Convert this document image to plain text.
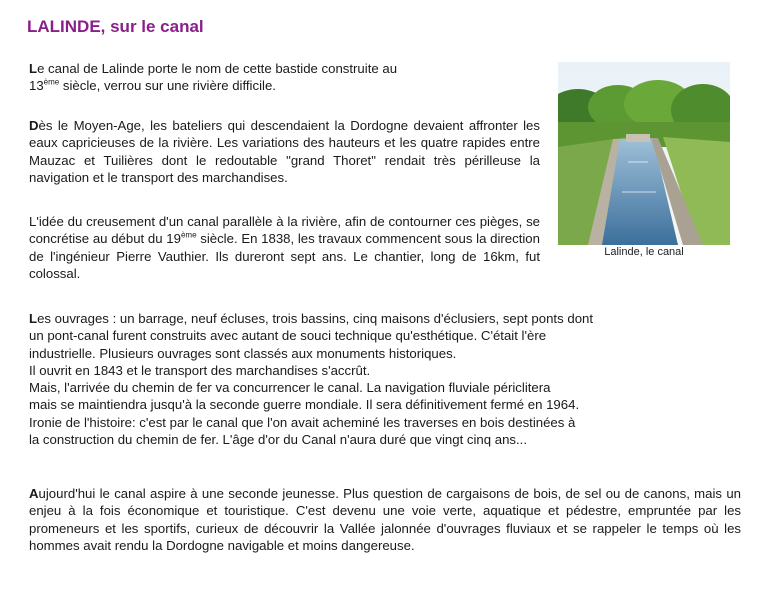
LALINDE, sur le canal

Le canal de Lalinde porte le nom de cette bastide construite au
13ème siècle, verrou sur une rivière difficile.

Dès le Moyen-Age, les bateliers qui descendaient la Dordogne devaient affronter les eaux capricieuses de la rivière. Les variations des hauteurs et les quatre rapides entre Mauzac et Tuilières dont le redoutable "grand Thoret" rendait très périlleuse la navigation et le transport des marchandises.

L'idée du creusement d'un canal parallèle à la rivière, afin de contourner ces pièges, se concrétise au début du 19ème siècle. En 1838, les travaux commencent sous la direction de l'ingénieur Pierre Vauthier. Ils dureront sept ans. Le chantier, long de 16km, fut colossal.

Les ouvrages : un barrage, neuf écluses, trois bassins, cinq maisons d'éclusiers, sept ponts dont
un pont-canal furent construits avec autant de souci technique qu'esthétique. C'était l'ère
industrielle. Plusieurs ouvrages sont classés aux monuments historiques.
Il ouvrit en 1843 et le transport des marchandises s'accrût.
Mais, l'arrivée du chemin de fer va concurrencer le canal. La navigation fluviale périclitera
mais se maintiendra jusqu'à la seconde guerre mondiale. Il sera définitivement fermé en 1964.
Ironie de l'histoire: c'est par le canal que l'on avait acheminé les traverses en bois destinées à
la construction du chemin de fer. L'âge d'or du Canal n'aura duré que vingt cinq ans...

Aujourd'hui le canal aspire à une seconde jeunesse. Plus question de cargaisons de bois, de sel ou de canons, mais un enjeu à la fois économique et touristique. C'est devenu une voie verte, aquatique et pédestre, empruntée par les promeneurs et les sportifs, curieux de découvrir la Vallée jalonnée d'ouvrages fluviaux et se rappeler le temps où les hommes avait rendu la Dordogne navigable et moins dangereuse.

Lalinde, le canal
